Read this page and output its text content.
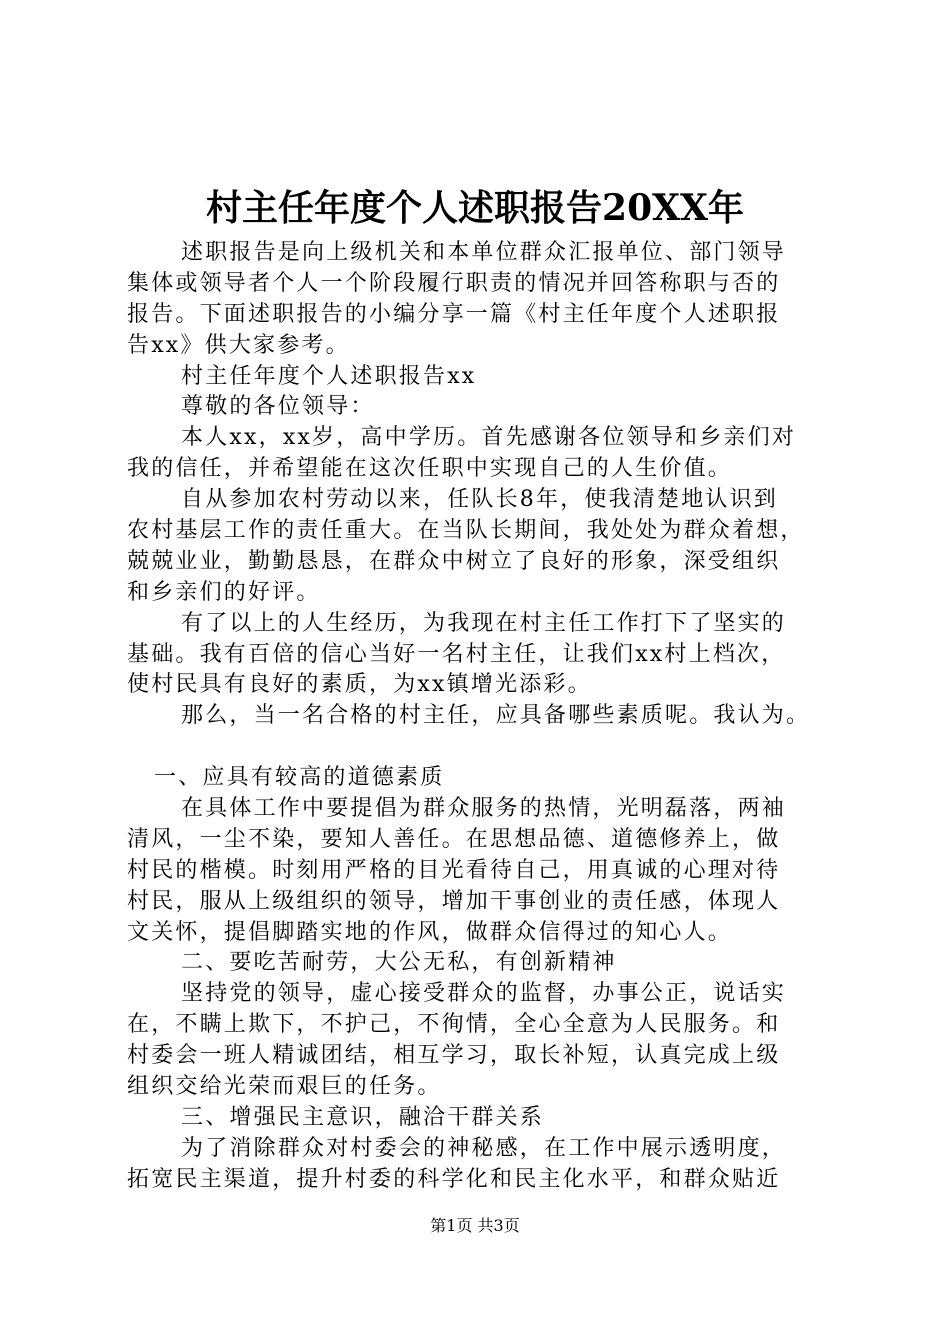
村主任年度个人述职报告20XX年
述职报告是向上级机关和本单位群众汇报单位、部门领导
集体或领导者个人一个阶段履行职责的情况并回答称职与否的
报告。下面述职报告的小编分享一篇《村主任年度个人述职报
告xx》供大家参考。
村主任年度个人述职报告xx
尊敬的各位领导：
本人xx，xx岁，高中学历。首先感谢各位领导和乡亲们对
我的信任，并希望能在这次任职中实现自己的人生价值。
自从参加农村劳动以来，任队长8年，使我清楚地认识到
农村基层工作的责任重大。在当队长期间，我处处为群众着想，
兢兢业业，勤勤恳恳，在群众中树立了良好的形象，深受组织
和乡亲们的好评。
有了以上的人生经历，为我现在村主任工作打下了坚实的
基础。我有百倍的信心当好一名村主任，让我们xx村上档次，
使村民具有良好的素质，为xx镇增光添彩。
那么，当一名合格的村主任，应具备哪些素质呢。我认为。
一、应具有较高的道德素质
在具体工作中要提倡为群众服务的热情，光明磊落，两袖
清风，一尘不染，要知人善任。在思想品德、道德修养上，做
村民的楷模。时刻用严格的目光看待自己，用真诚的心理对待
村民，服从上级组织的领导，增加干事创业的责任感，体现人
文关怀，提倡脚踏实地的作风，做群众信得过的知心人。
二、要吃苦耐劳，大公无私，有创新精神
坚持党的领导，虚心接受群众的监督，办事公正，说话实
在，不瞒上欺下，不护己，不徇情，全心全意为人民服务。和
村委会一班人精诚团结，相互学习，取长补短，认真完成上级
组织交给光荣而艰巨的任务。
三、增强民主意识，融洽干群关系
为了消除群众对村委会的神秘感，在工作中展示透明度，
拓宽民主渠道，提升村委的科学化和民主化水平，和群众贴近
第1页 共3页
